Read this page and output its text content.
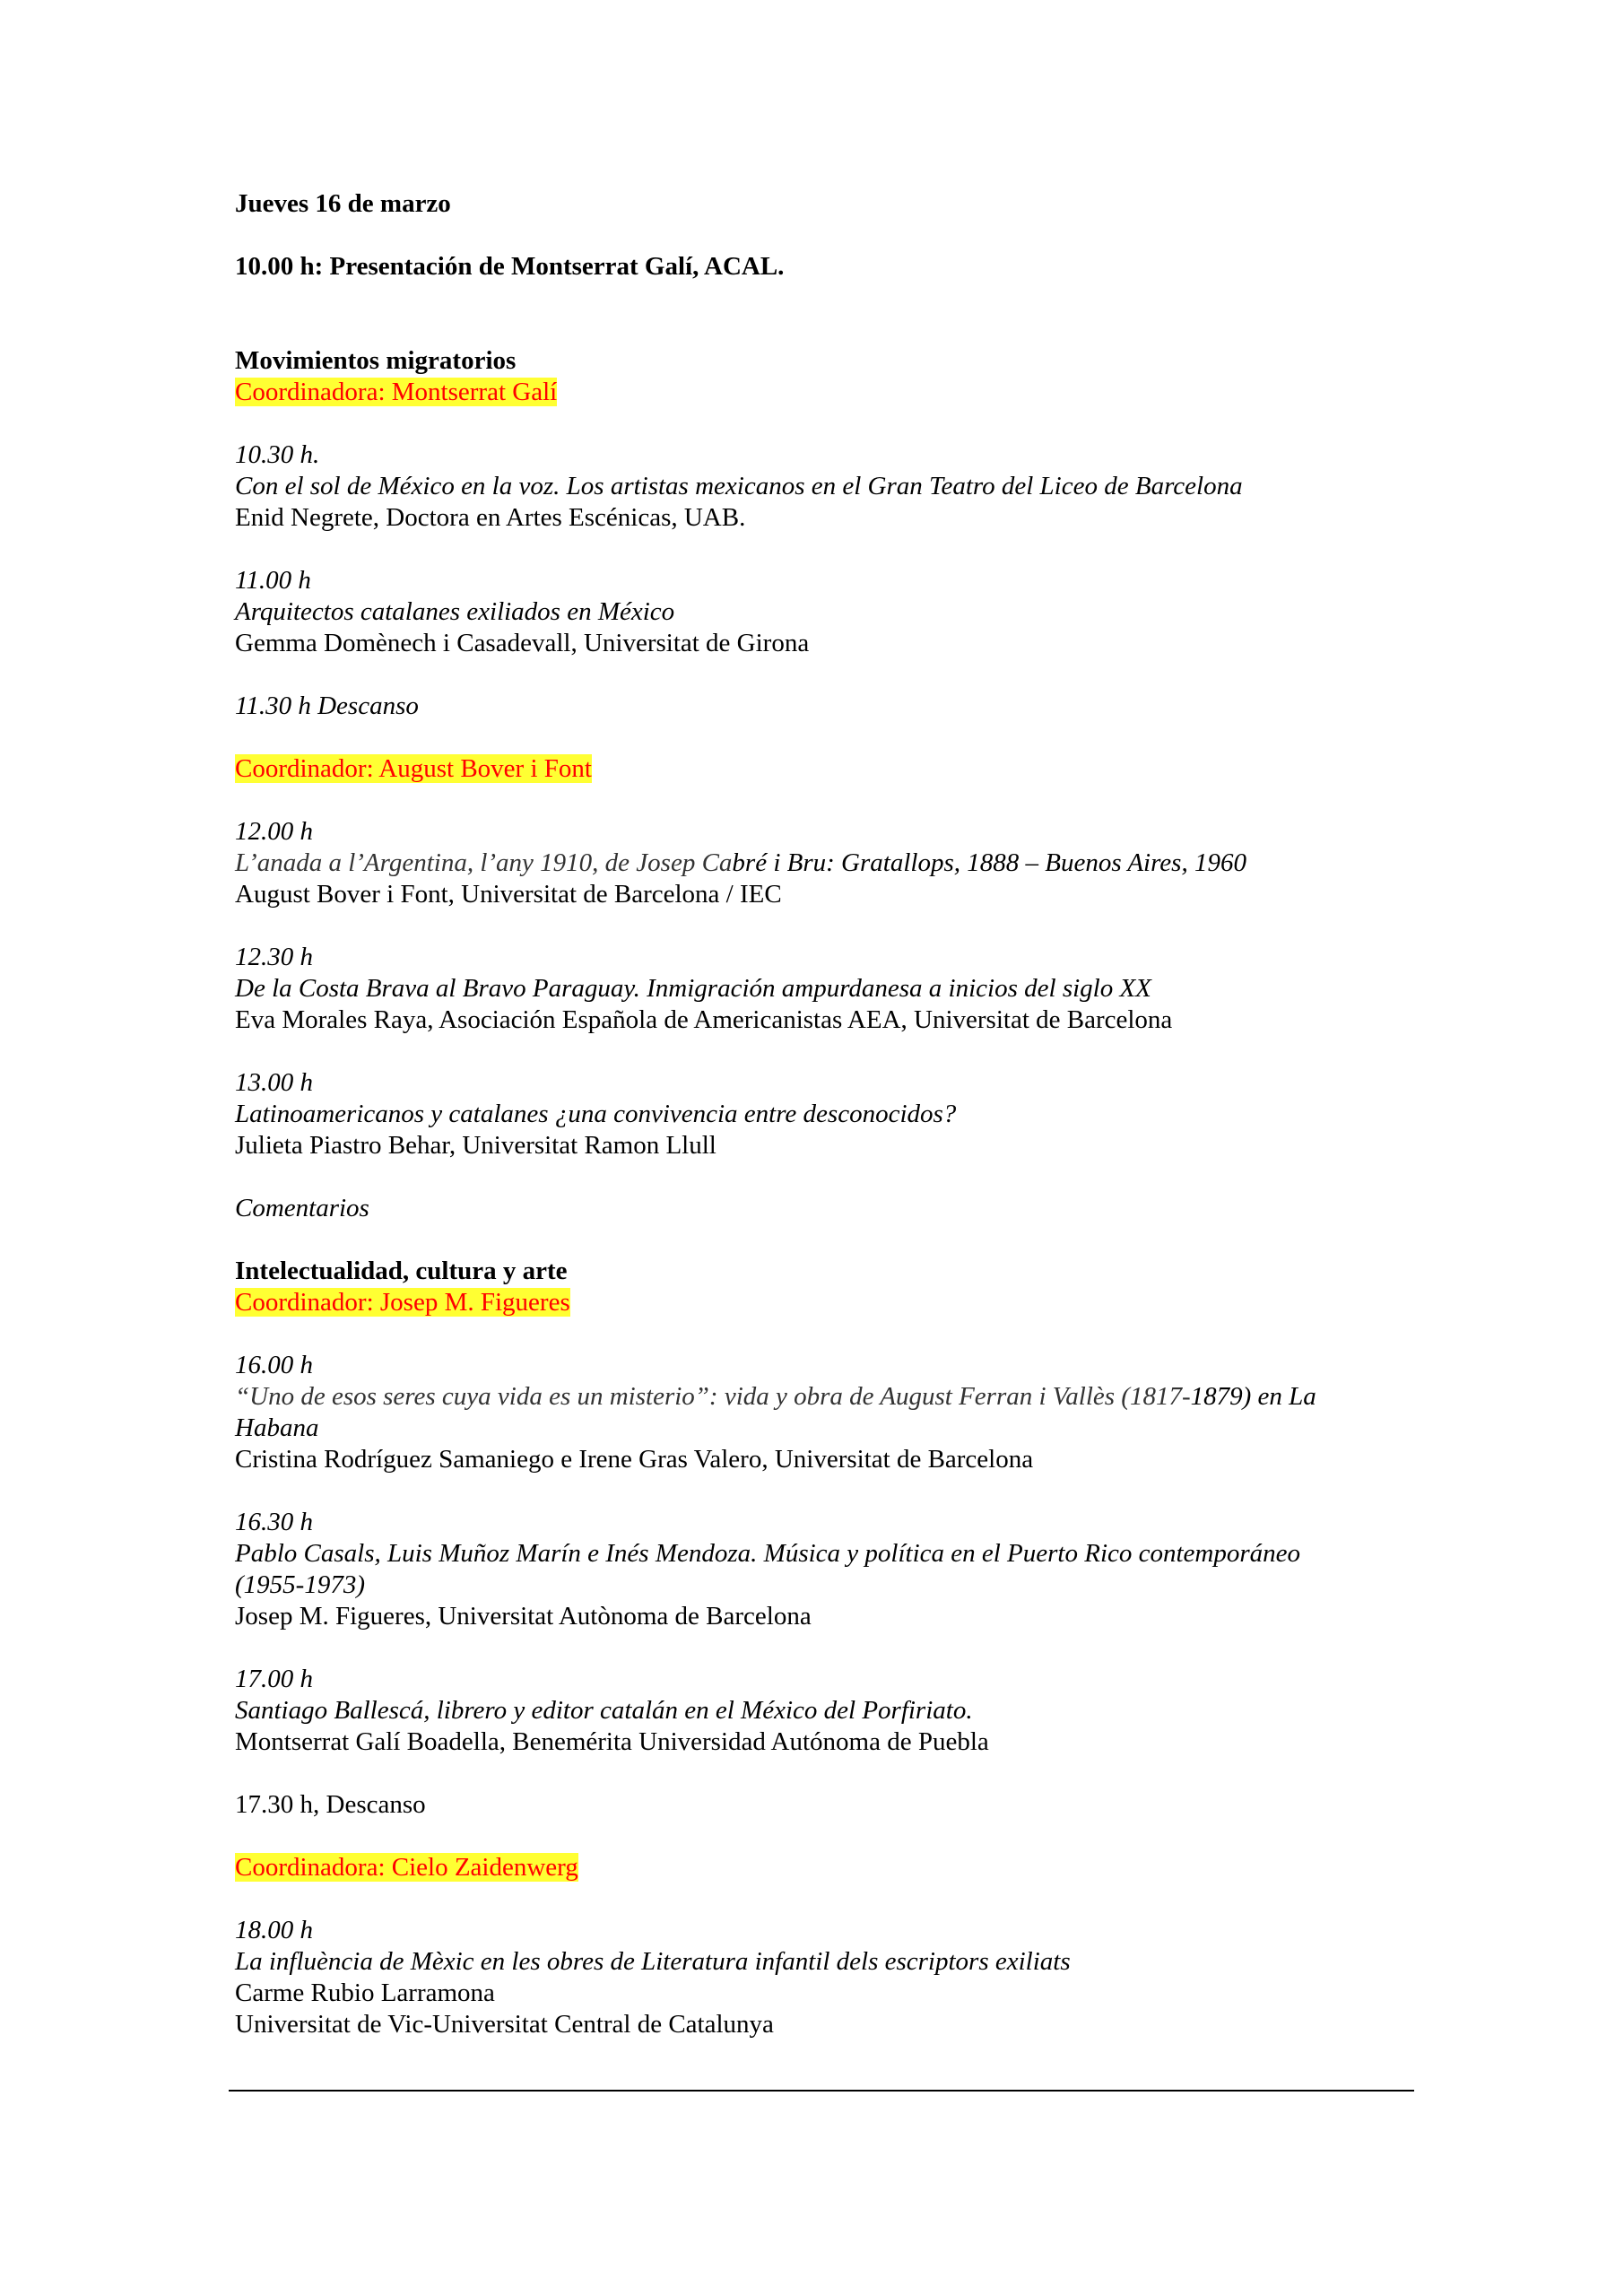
Jueves 16 de marzo

10.00 h: Presentación de Montserrat Galí, ACAL.

Movimientos migratorios

Coordinadora: Montserrat Galí

10.30 h.

Con el sol de México en la voz. Los artistas mexicanos en el Gran Teatro del Liceo de Barcelona

Enid Negrete, Doctora en Artes Escénicas, UAB.

11.00 h

Arquitectos catalanes exiliados en México

Gemma Domènech i Casadevall, Universitat de Girona

11.30 h Descanso

Coordinador: August Bover i Font

12.00 h

L’anada a l’Argentina, l’any 1910, de Josep Cabré i Bru: Gratallops, 1888 – Buenos Aires, 1960

August Bover i Font, Universitat de Barcelona / IEC

12.30 h

De la Costa Brava al Bravo Paraguay. Inmigración ampurdanesa a inicios del siglo XX

Eva Morales Raya, Asociación Española de Americanistas AEA, Universitat de Barcelona

13.00 h

Latinoamericanos y catalanes ¿una convivencia entre desconocidos?

Julieta Piastro Behar, Universitat Ramon Llull

Comentarios

Intelectualidad, cultura y arte

Coordinador: Josep M. Figueres

16.00 h

“Uno de esos seres cuya vida es un misterio”: vida y obra de August Ferran i Vallès (1817-1879) en La

Habana

Cristina Rodríguez Samaniego e Irene Gras Valero, Universitat de Barcelona

16.30 h

Pablo Casals, Luis Muñoz Marín e Inés Mendoza. Música y política en el Puerto Rico contemporáneo

(1955-1973)

Josep M. Figueres, Universitat Autònoma de Barcelona

17.00 h

Santiago Ballescá, librero y editor catalán en el México del Porfiriato.

Montserrat Galí Boadella, Benemérita Universidad Autónoma de Puebla

17.30 h, Descanso

Coordinadora: Cielo Zaidenwerg

18.00 h

La influència de Mèxic en les obres de Literatura infantil dels escriptors exiliats

Carme Rubio Larramona

Universitat de Vic-Universitat Central de Catalunya
